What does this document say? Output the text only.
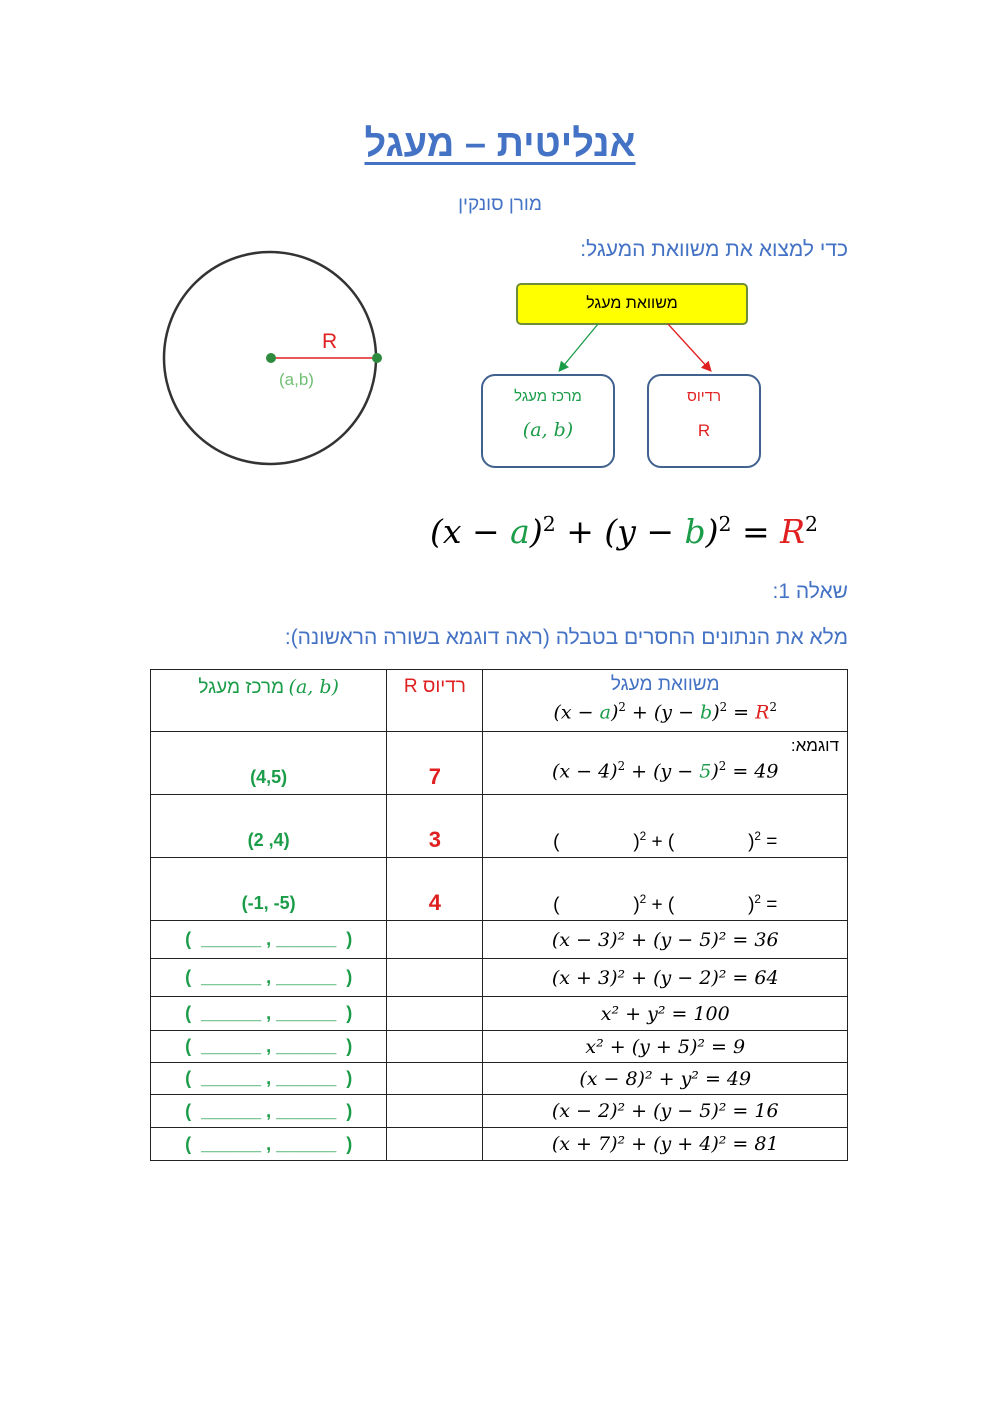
אנליטית – מעגל
מורן סונקין
כדי למצוא את משוואת המעגל:
R
(a,b)
משוואת מעגל
מרכז מעגל
(a, b)
רדיוס
R
$(x - a)^2 + (y - b)^2 = R^2$
שאלה 1:
מלא את הנתונים החסרים בטבלה (ראה דוגמא בשורה הראשונה):
מרכז מעגל (a, b)	רדיוס R	משוואת מעגל
$(x - a)^2 + (y - b)^2 = R^2$

(4,5)	7	דוגמא:
$(x - 4)^2 + (y - 5)^2 = 49$

(2 ,4)	3	( )$^2$ + ( )$^2$ =
(-1, -5)	4	( )$^2$ + ( )$^2$ =
(  ______ , ______  )		(x − 3)² + (y − 5)² = 36
(  ______ , ______  )		(x + 3)² + (y − 2)² = 64
(  ______ , ______  )		x² + y² = 100
(  ______ , ______  )		x² + (y + 5)² = 9
(  ______ , ______  )		(x − 8)² + y² = 49
(  ______ , ______  )		(x − 2)² + (y − 5)² = 16
(  ______ , ______  )		(x + 7)² + (y + 4)² = 81
